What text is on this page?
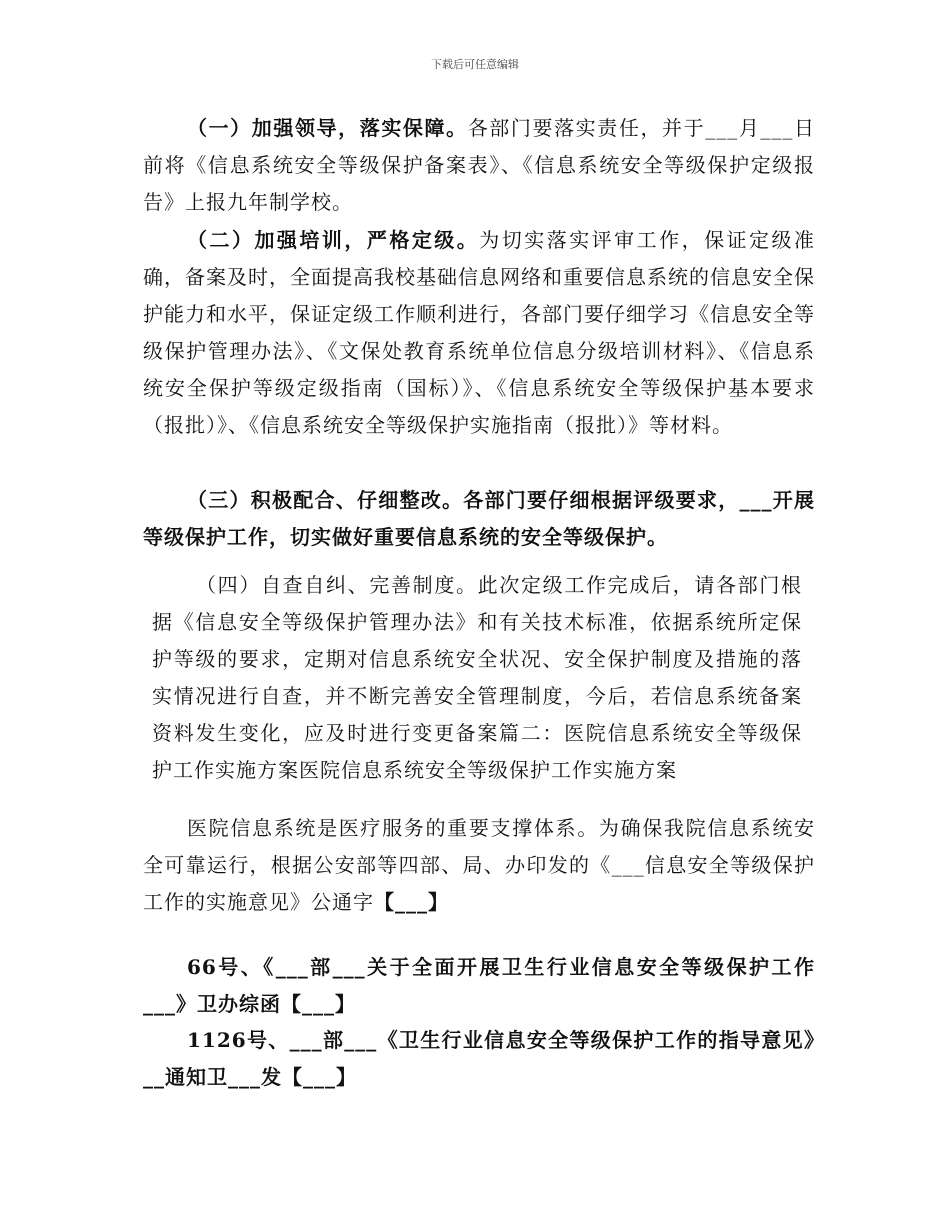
下载后可任意编辑

（一）加强领导，落实保障。各部门要落实责任，并于___月___日前将《信息系统安全等级保护备案表》、《信息系统安全等级保护定级报告》上报九年制学校。

（二）加强培训，严格定级。为切实落实评审工作，保证定级准确，备案及时，全面提高我校基础信息网络和重要信息系统的信息安全保护能力和水平，保证定级工作顺利进行，各部门要仔细学习《信息安全等级保护管理办法》、《文保处教育系统单位信息分级培训材料》、《信息系统安全保护等级定级指南（国标）》、《信息系统安全等级保护基本要求（报批）》、《信息系统安全等级保护实施指南（报批）》等材料。

（三）积极配合、仔细整改。各部门要仔细根据评级要求，___开展等级保护工作，切实做好重要信息系统的安全等级保护。

（四）自查自纠、完善制度。此次定级工作完成后，请各部门根据《信息安全等级保护管理办法》和有关技术标准，依据系统所定保护等级的要求，定期对信息系统安全状况、安全保护制度及措施的落实情况进行自查，并不断完善安全管理制度，今后，若信息系统备案资料发生变化，应及时进行变更备案篇二：医院信息系统安全等级保护工作实施方案医院信息系统安全等级保护工作实施方案

医院信息系统是医疗服务的重要支撑体系。为确保我院信息系统安全可靠运行，根据公安部等四部、局、办印发的《___信息安全等级保护工作的实施意见》公通字【___】

66号、《___部___关于全面开展卫生行业信息安全等级保护工作___》卫办综函【___】

1126号、___部___《卫生行业信息安全等级保护工作的指导意见》__通知卫___发【___】
